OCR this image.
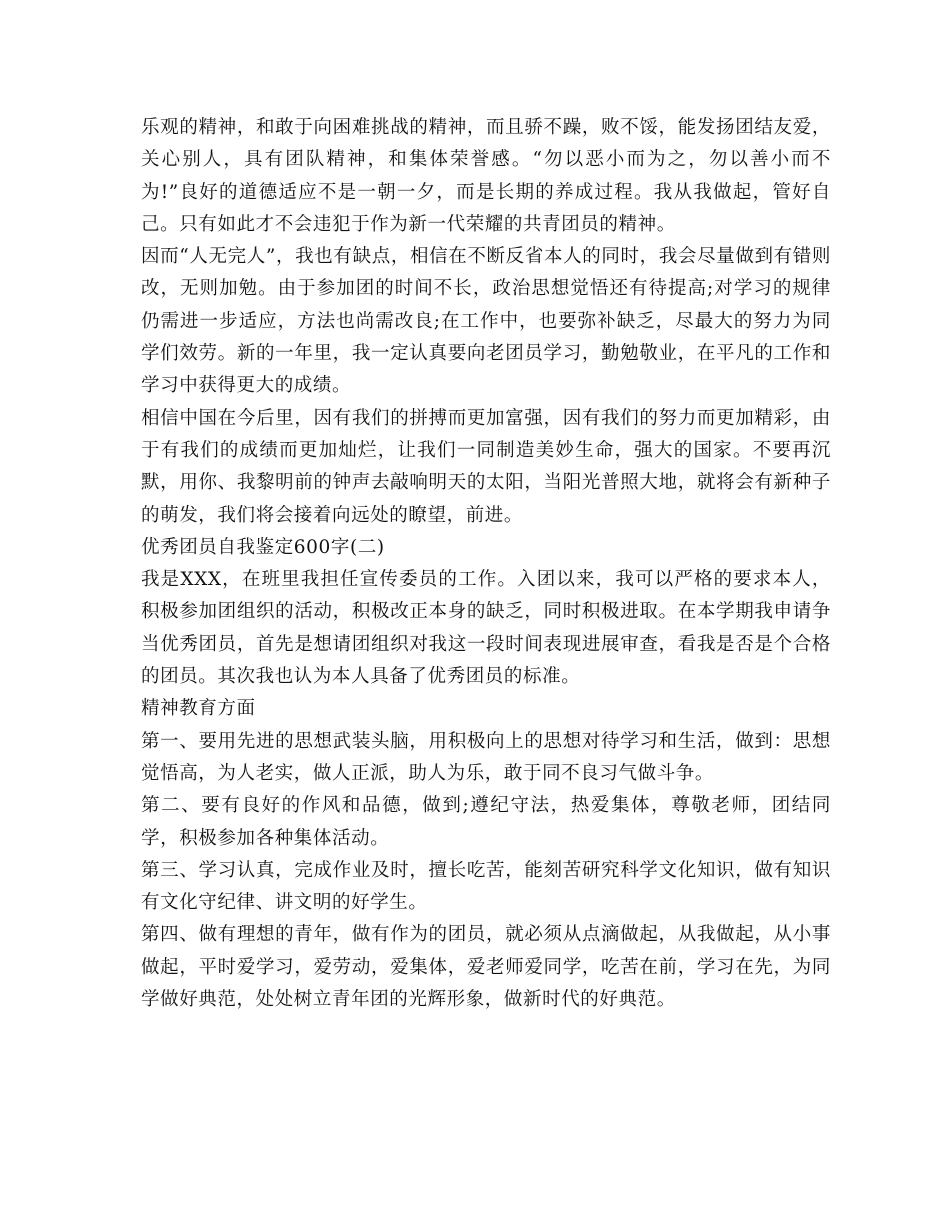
乐观的精神，和敢于向困难挑战的精神，而且骄不躁，败不馁，能发扬团结友爱，关心别人，具有团队精神，和集体荣誉感。“勿以恶小而为之，勿以善小而不为!”良好的道德适应不是一朝一夕，而是长期的养成过程。我从我做起，管好自己。只有如此才不会违犯于作为新一代荣耀的共青团员的精神。

因而“人无完人”，我也有缺点，相信在不断反省本人的同时，我会尽量做到有错则改，无则加勉。由于参加团的时间不长，政治思想觉悟还有待提高;对学习的规律仍需进一步适应，方法也尚需改良;在工作中，也要弥补缺乏，尽最大的努力为同学们效劳。新的一年里，我一定认真要向老团员学习，勤勉敬业，在平凡的工作和学习中获得更大的成绩。

相信中国在今后里，因有我们的拼搏而更加富强，因有我们的努力而更加精彩，由于有我们的成绩而更加灿烂，让我们一同制造美妙生命，强大的国家。不要再沉默，用你、我黎明前的钟声去敲响明天的太阳，当阳光普照大地，就将会有新种子的萌发，我们将会接着向远处的瞭望，前进。

优秀团员自我鉴定600字(二)

我是XXX，在班里我担任宣传委员的工作。入团以来，我可以严格的要求本人，积极参加团组织的活动，积极改正本身的缺乏，同时积极进取。在本学期我申请争当优秀团员，首先是想请团组织对我这一段时间表现进展审查，看我是否是个合格的团员。其次我也认为本人具备了优秀团员的标准。

精神教育方面

第一、要用先进的思想武装头脑，用积极向上的思想对待学习和生活，做到：思想觉悟高，为人老实，做人正派，助人为乐，敢于同不良习气做斗争。

第二、要有良好的作风和品德，做到;遵纪守法，热爱集体，尊敬老师，团结同学，积极参加各种集体活动。

第三、学习认真，完成作业及时，擅长吃苦，能刻苦研究科学文化知识，做有知识有文化守纪律、讲文明的好学生。

第四、做有理想的青年，做有作为的团员，就必须从点滴做起，从我做起，从小事做起，平时爱学习，爱劳动，爱集体，爱老师爱同学，吃苦在前，学习在先，为同学做好典范，处处树立青年团的光辉形象，做新时代的好典范。
